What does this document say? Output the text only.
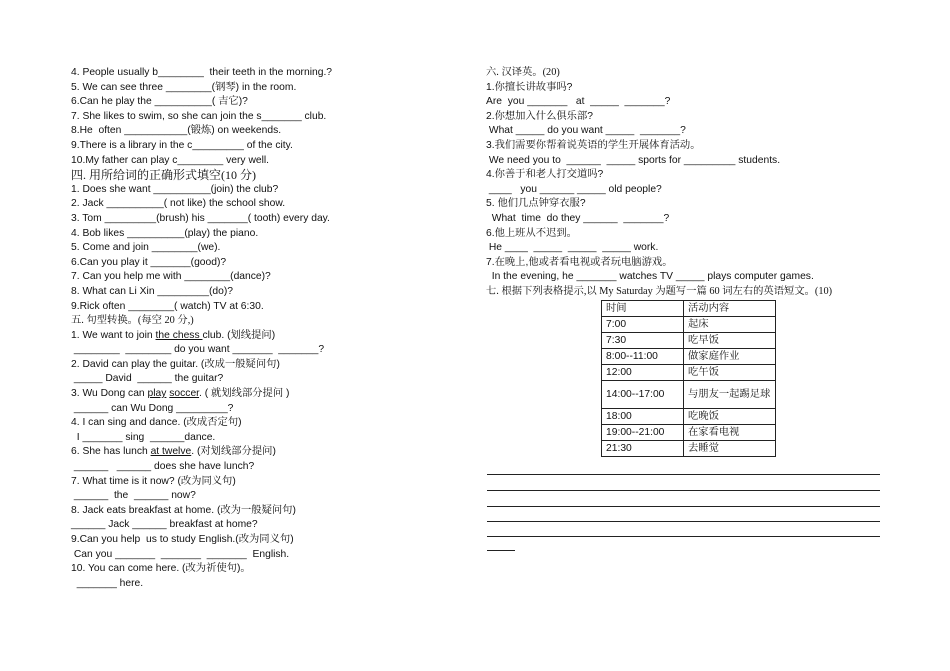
4. People usually b________  their teeth in the morning.?
5. We can see three ________(钢琴) in the room.
6.Can he play the __________( 吉它)?
7. She likes to swim, so she can join the s_______ club.
8.He  often ___________(锻炼) on weekends.
9.There is a library in the c_________ of the city.
10.My father can play c________ very well.
四. 用所给词的正确形式填空(10 分)
1. Does she want __________(join) the club?
2. Jack __________( not like) the school show.
3. Tom _________(brush) his _______( tooth) every day.
4. Bob likes __________(play) the piano.
5. Come and join ________(we).
6.Can you play it _______(good)?
7. Can you help me with ________(dance)?
8. What can Li Xin _________(do)?
9.Rick often ________( watch) TV at 6:30.
五. 句型转换。(每空 20 分,)
1. We want to join the chess club. (划线提问)
________  ________ do you want _______  _______?
2. David can play the guitar. (改成一般疑问句)
_____ David  ______ the guitar?
3. Wu Dong can play soccer. ( 就划线部分提问 )
______ can Wu Dong _________?
4. I can sing and dance. (改成否定句)
I _______ sing  ______dance.
6. She has lunch at twelve. (对划线部分提问)
______   ______ does she have lunch?
7. What time is it now? (改为同义句)
______  the  ______ now?
8. Jack eats breakfast at home. (改为一般疑问句)
______ Jack ______ breakfast at home?
9.Can you help  us to study English.(改为同义句)
Can you _______  _______  _______  English.
10. You can come here. (改为祈使句)。
_______ here.
六. 汉译英。(20)
1.你擅长讲故事吗?
Are  you _______   at  _____  _______?
2.你想加入什么俱乐部?
What _____ do you want _____  _______?
3.我们需要你帮着说英语的学生开展体育活动。
We need you to  ______  _____ sports for _________ students.
4.你善于和老人打交道吗?
____   you ______ _____ old people?
5. 他们几点钟穿衣服?
What  time  do they ______  _______?
6.他上班从不迟到。
He ____  _____  _____  _____ work.
7.在晚上,他或者看电视或者玩电脑游戏。
In the evening, he _______ watches TV _____ plays computer games.
七. 根据下列表格提示,以 My Saturday 为题写一篇 60 词左右的英语短文。(10)
时间	活动内容
7:00	起床
7:30	吃早饭
8:00--11:00	做家庭作业
12:00	吃午饭
14:00--17:00	与朋友一起踢足球
18:00	吃晚饭
19:00--21:00	在家看电视
21:30	去睡觉
